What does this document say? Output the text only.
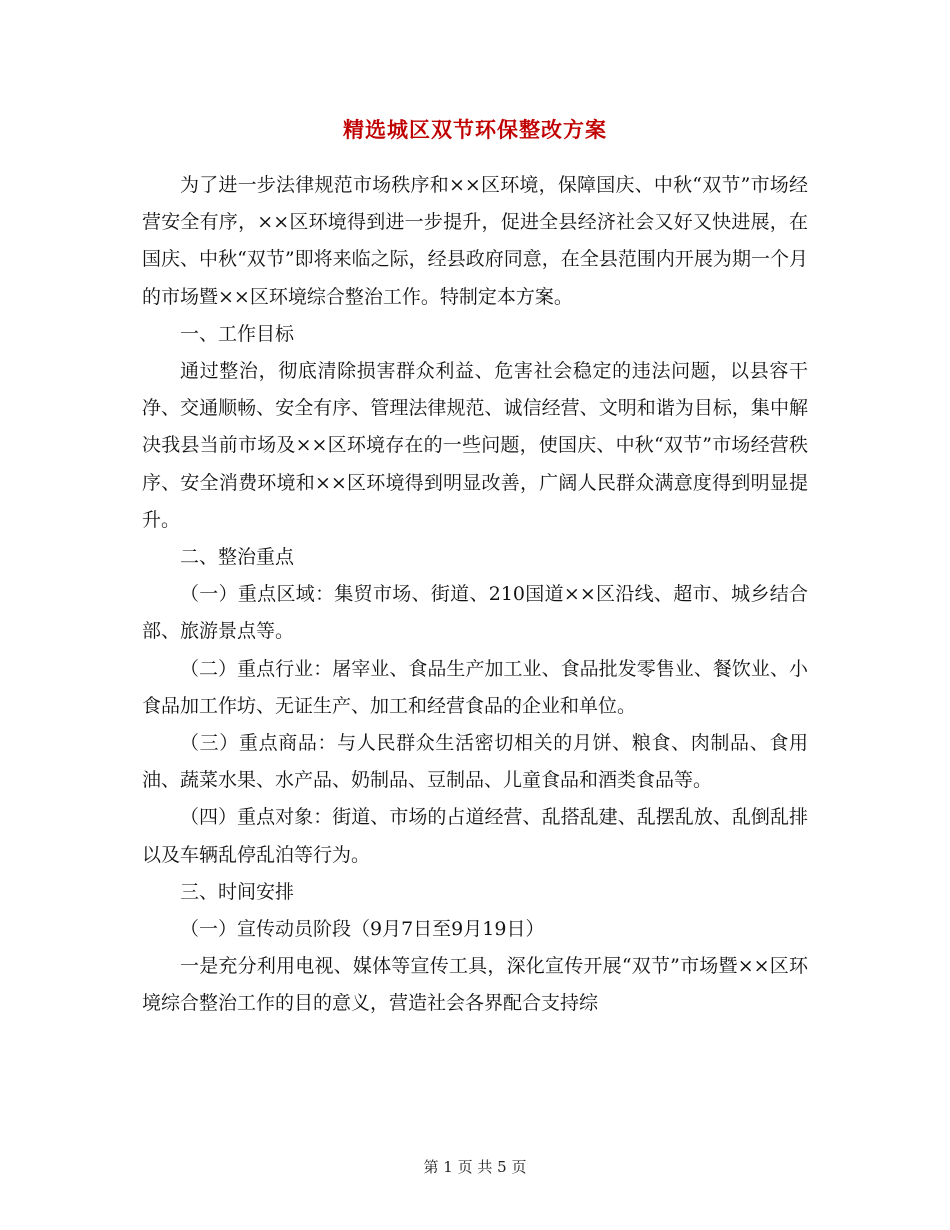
精选城区双节环保整改方案

为了进一步法律规范市场秩序和××区环境，保障国庆、中秋“双节”市场经营安全有序，××区环境得到进一步提升，促进全县经济社会又好又快进展，在国庆、中秋“双节”即将来临之际，经县政府同意，在全县范围内开展为期一个月的市场暨××区环境综合整治工作。特制定本方案。

一、工作目标

通过整治，彻底清除损害群众利益、危害社会稳定的违法问题，以县容干净、交通顺畅、安全有序、管理法律规范、诚信经营、文明和谐为目标，集中解决我县当前市场及××区环境存在的一些问题，使国庆、中秋“双节”市场经营秩序、安全消费环境和××区环境得到明显改善，广阔人民群众满意度得到明显提升。

二、整治重点

（一）重点区域：集贸市场、街道、210国道××区沿线、超市、城乡结合部、旅游景点等。

（二）重点行业：屠宰业、食品生产加工业、食品批发零售业、餐饮业、小食品加工作坊、无证生产、加工和经营食品的企业和单位。

（三）重点商品：与人民群众生活密切相关的月饼、粮食、肉制品、食用油、蔬菜水果、水产品、奶制品、豆制品、儿童食品和酒类食品等。

（四）重点对象：街道、市场的占道经营、乱搭乱建、乱摆乱放、乱倒乱排以及车辆乱停乱泊等行为。

三、时间安排

（一）宣传动员阶段（9月7日至9月19日）

一是充分利用电视、媒体等宣传工具，深化宣传开展“双节”市场暨××区环境综合整治工作的目的意义，营造社会各界配合支持综

第 1 页 共 5 页
